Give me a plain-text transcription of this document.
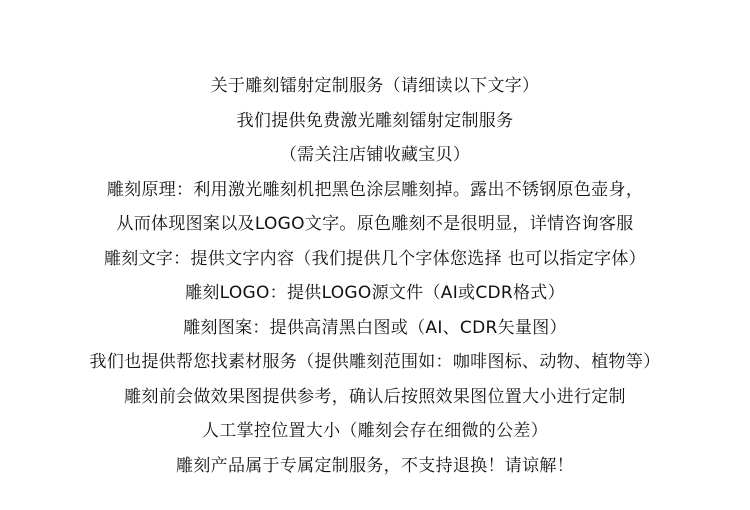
关于雕刻镭射定制服务（请细读以下文字）
我们提供免费激光雕刻镭射定制服务
（需关注店铺收藏宝贝）
雕刻原理：利用激光雕刻机把黑色涂层雕刻掉。露出不锈钢原色壶身，
从而体现图案以及LOGO文字。原色雕刻不是很明显，详情咨询客服
雕刻文字：提供文字内容（我们提供几个字体您选择 也可以指定字体）
雕刻LOGO：提供LOGO源文件（AI或CDR格式）
雕刻图案：提供高清黑白图或（AI、CDR矢量图）
我们也提供帮您找素材服务（提供雕刻范围如：咖啡图标、动物、植物等）
雕刻前会做效果图提供参考，确认后按照效果图位置大小进行定制
人工掌控位置大小（雕刻会存在细微的公差）
雕刻产品属于专属定制服务，不支持退换！请谅解！
